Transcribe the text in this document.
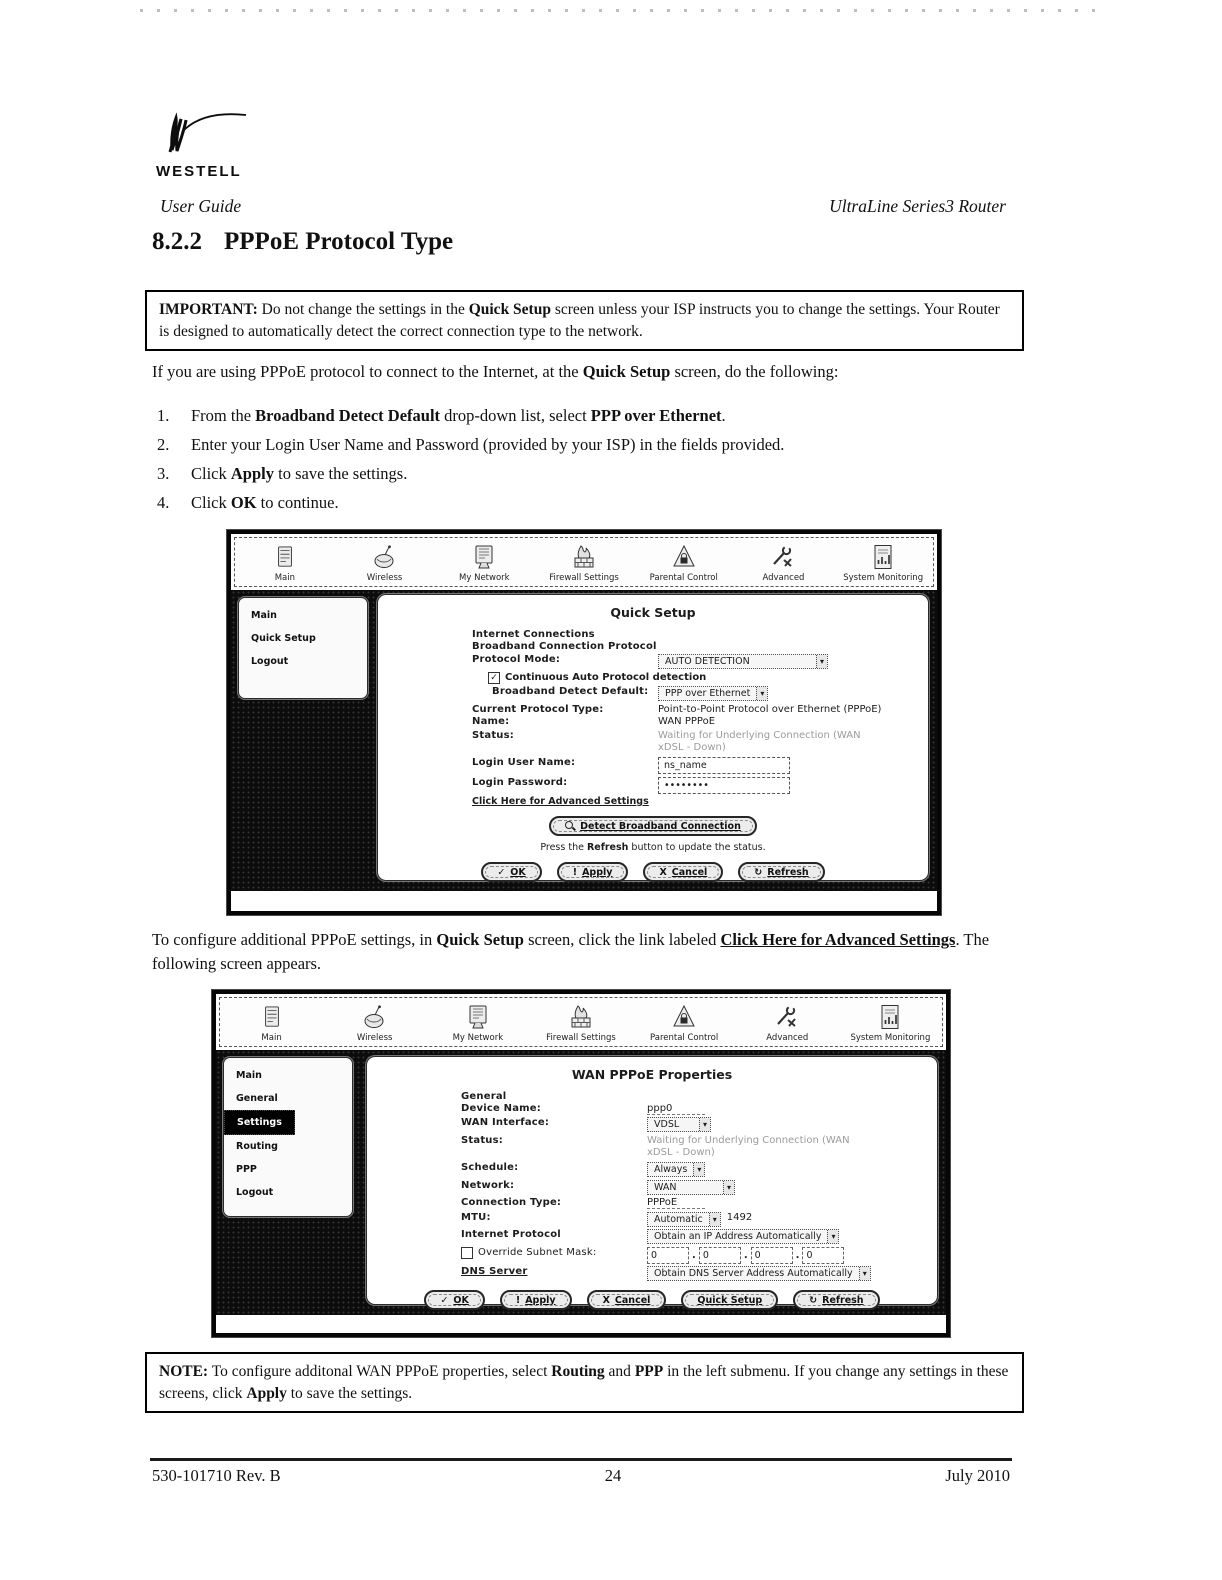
WESTELL
User Guide	UltraLine Series3 Router
8.2.2 PPPoE Protocol Type
IMPORTANT: Do not change the settings in the Quick Setup screen unless your ISP instructs you to change the settings. Your Router is designed to automatically detect the correct connection type to the network.
If you are using PPPoE protocol to connect to the Internet, at the Quick Setup screen, do the following:
1.	From the Broadband Detect Default drop-down list, select PPP over Ethernet.
2.	Enter your Login User Name and Password (provided by your ISP) in the fields provided.
3.	Click Apply to save the settings.
4.	Click OK to continue.
Main	Wireless	My Network	Firewall Settings	Parental Control	Advanced	System Monitoring
Main
Quick Setup
Logout
Quick Setup
Internet Connections
Broadband Connection Protocol
Protocol Mode:	AUTO DETECTION	▾
✓ Continuous Auto Protocol detection
Broadband Detect Default:	PPP over Ethernet	▾
Current Protocol Type:	Point-to-Point Protocol over Ethernet (PPPoE)
Name:	WAN PPPoE
Status:	Waiting for Underlying Connection (WAN
xDSL - Down)
Login User Name:	ns_name
Login Password:	••••••••
Click Here for Advanced Settings
Detect Broadband Connection
Press the Refresh button to update the status.
✓ OK	! Apply	X Cancel	↻ Refresh
To configure additional PPPoE settings, in Quick Setup screen, click the link labeled Click Here for Advanced Settings. The following screen appears.
Main	Wireless	My Network	Firewall Settings	Parental Control	Advanced	System Monitoring
Main
General
Settings
Routing
PPP
Logout
WAN PPPoE Properties
General
Device Name:	ppp0
WAN Interface:	VDSL	▾
Status:	Waiting for Underlying Connection (WAN
xDSL - Down)
Schedule:	Always	▾
Network:	WAN	▾
Connection Type:	PPPoE
MTU:	Automatic	▾	1492
Internet Protocol	Obtain an IP Address Automatically	▾
Override Subnet Mask:	0	. 0	. 0	. 0
DNS Server	Obtain DNS Server Address Automatically	▾
✓ OK	! Apply	X Cancel	Quick Setup	↻ Refresh
NOTE: To configure additonal WAN PPPoE properties, select Routing and PPP in the left submenu. If you change any settings in these screens, click Apply to save the settings.
530-101710 Rev. B	24	July 2010
